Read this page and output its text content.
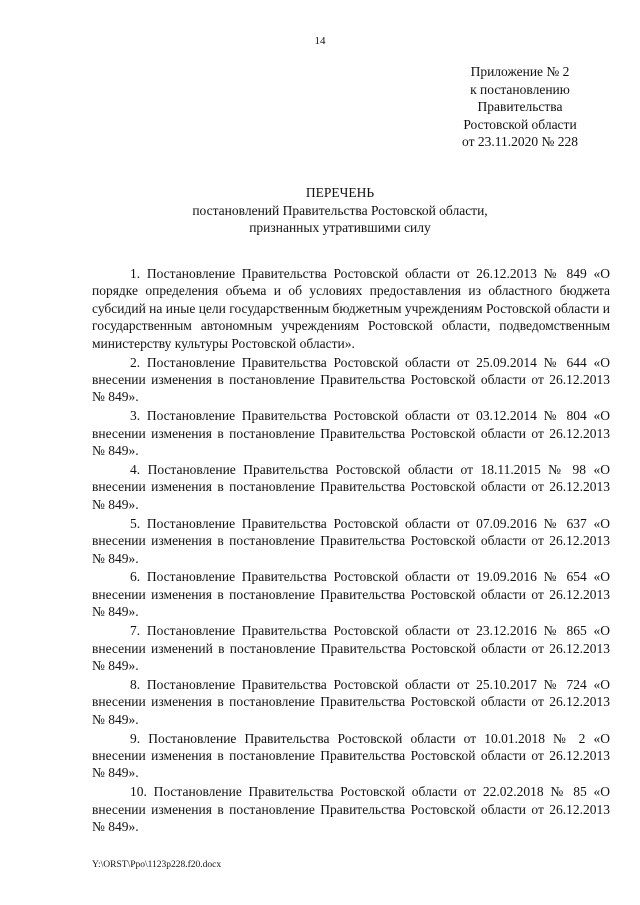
14
Приложение № 2
к постановлению
Правительства
Ростовской области
от 23.11.2020 № 228
ПЕРЕЧЕНЬ
постановлений Правительства Ростовской области,
признанных утратившими силу

1. Постановление Правительства Ростовской области от 26.12.2013 № 849 «О порядке определения объема и об условиях предоставления из областного бюджета субсидий на иные цели государственным бюджетным учреждениям Ростовской области и государственным автономным учреждениям Ростовской области, подведомственным министерству культуры Ростовской области».

2. Постановление Правительства Ростовской области от 25.09.2014 № 644 «О внесении изменения в постановление Правительства Ростовской области от 26.12.2013 № 849».

3. Постановление Правительства Ростовской области от 03.12.2014 № 804 «О внесении изменения в постановление Правительства Ростовской области от 26.12.2013 № 849».

4. Постановление Правительства Ростовской области от 18.11.2015 № 98 «О внесении изменения в постановление Правительства Ростовской области от 26.12.2013 № 849».

5. Постановление Правительства Ростовской области от 07.09.2016 № 637 «О внесении изменения в постановление Правительства Ростовской области от 26.12.2013 № 849».

6. Постановление Правительства Ростовской области от 19.09.2016 № 654 «О внесении изменения в постановление Правительства Ростовской области от 26.12.2013 № 849».

7. Постановление Правительства Ростовской области от 23.12.2016 № 865 «О внесении изменений в постановление Правительства Ростовской области от 26.12.2013 № 849».

8. Постановление Правительства Ростовской области от 25.10.2017 № 724 «О внесении изменения в постановление Правительства Ростовской области от 26.12.2013 № 849».

9. Постановление Правительства Ростовской области от 10.01.2018 № 2 «О внесении изменения в постановление Правительства Ростовской области от 26.12.2013 № 849».

10. Постановление Правительства Ростовской области от 22.02.2018 № 85 «О внесении изменения в постановление Правительства Ростовской области от 26.12.2013 № 849».

Y:\ORST\Ppo\1123p228.f20.docx
